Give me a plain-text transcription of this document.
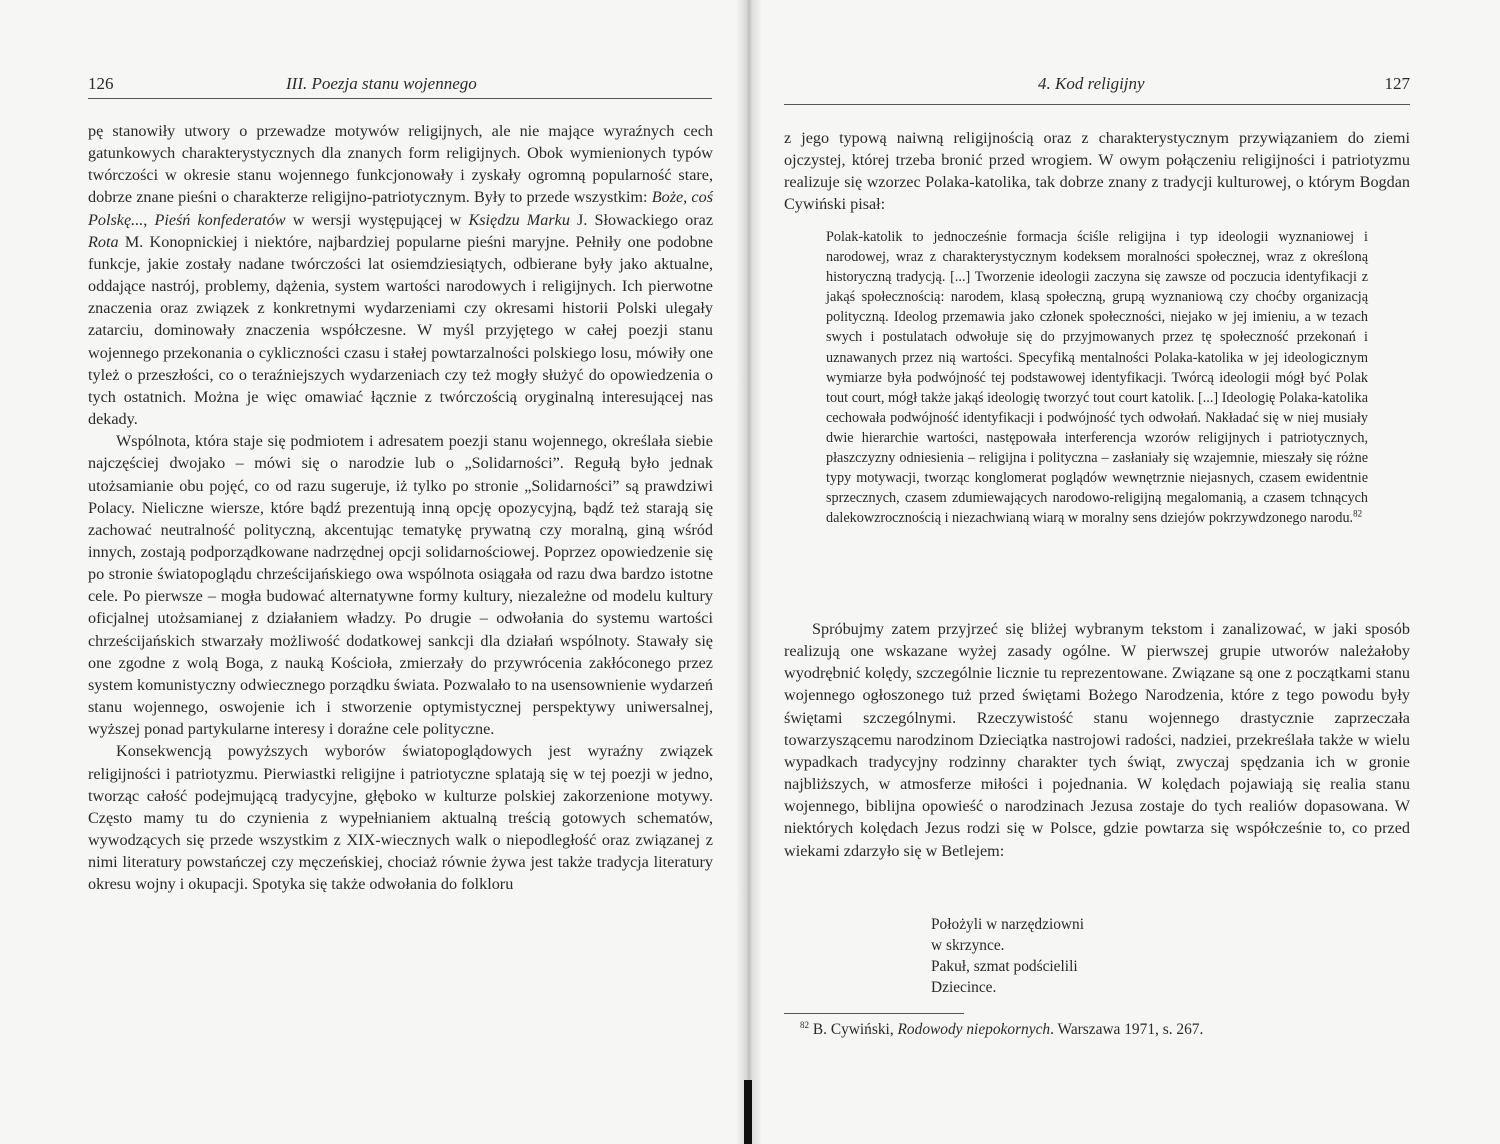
126	III. Poezja stanu wojennego

pę stanowiły utwory o przewadze motywów religijnych, ale nie mające wyraźnych cech gatunkowych charakterystycznych dla znanych form religijnych. Obok wymienionych typów twórczości w okresie stanu wojennego funkcjonowały i zyskały ogromną popularność stare, dobrze znane pieśni o charakterze religijno-patriotycznym. Były to przede wszystkim: Boże, coś Polskę..., Pieśń konfederatów w wersji występującej w Księdzu Marku J. Słowackiego oraz Rota M. Konopnickiej i niektóre, najbardziej popularne pieśni maryjne. Pełniły one podobne funkcje, jakie zostały nadane twórczości lat osiemdziesiątych, odbierane były jako aktualne, oddające nastrój, problemy, dążenia, system wartości narodowych i religijnych. Ich pierwotne znaczenia oraz związek z konkretnymi wydarzeniami czy okresami historii Polski ulegały zatarciu, dominowały znaczenia współczesne. W myśl przyjętego w całej poezji stanu wojennego przekonania o cykliczności czasu i stałej powtarzalności polskiego losu, mówiły one tyleż o przeszłości, co o teraźniejszych wydarzeniach czy też mogły służyć do opowiedzenia o tych ostatnich. Można je więc omawiać łącznie z twórczością oryginalną interesującej nas dekady.

Wspólnota, która staje się podmiotem i adresatem poezji stanu wojennego, określała siebie najczęściej dwojako – mówi się o narodzie lub o „Solidarności”. Regułą było jednak utożsamianie obu pojęć, co od razu sugeruje, iż tylko po stronie „Solidarności” są prawdziwi Polacy. Nieliczne wiersze, które bądź prezentują inną opcję opozycyjną, bądź też starają się zachować neutralność polityczną, akcentując tematykę prywatną czy moralną, giną wśród innych, zostają podporządkowane nadrzędnej opcji solidarnościowej. Poprzez opowiedzenie się po stronie światopoglądu chrześcijańskiego owa wspólnota osiągała od razu dwa bardzo istotne cele. Po pierwsze – mogła budować alternatywne formy kultury, niezależne od modelu kultury oficjalnej utożsamianej z działaniem władzy. Po drugie – odwołania do systemu wartości chrześcijańskich stwarzały możliwość dodatkowej sankcji dla działań wspólnoty. Stawały się one zgodne z wolą Boga, z nauką Kościoła, zmierzały do przywrócenia zakłóconego przez system komunistyczny odwiecznego porządku świata. Pozwalało to na usensownienie wydarzeń stanu wojennego, oswojenie ich i stworzenie optymistycznej perspektywy uniwersalnej, wyższej ponad partykularne interesy i doraźne cele polityczne.

Konsekwencją powyższych wyborów światopoglądowych jest wyraźny związek religijności i patriotyzmu. Pierwiastki religijne i patriotyczne splatają się w tej poezji w jedno, tworząc całość podejmującą tradycyjne, głęboko w kulturze polskiej zakorzenione motywy. Często mamy tu do czynienia z wypełnianiem aktualną treścią gotowych schematów, wywodzących się przede wszystkim z XIX-wiecznych walk o niepodległość oraz związanej z nimi literatury powstańczej czy męczeńskiej, chociaż równie żywa jest także tradycja literatury okresu wojny i okupacji. Spotyka się także odwołania do folkloru

4. Kod religijny	127

z jego typową naiwną religijnością oraz z charakterystycznym przywiązaniem do ziemi ojczystej, której trzeba bronić przed wrogiem. W owym połączeniu religijności i patriotyzmu realizuje się wzorzec Polaka-katolika, tak dobrze znany z tradycji kulturowej, o którym Bogdan Cywiński pisał:

Polak-katolik to jednocześnie formacja ściśle religijna i typ ideologii wyznaniowej i narodowej, wraz z charakterystycznym kodeksem moralności społecznej, wraz z określoną historyczną tradycją. [...] Tworzenie ideologii zaczyna się zawsze od poczucia identyfikacji z jakąś społecznością: narodem, klasą społeczną, grupą wyznaniową czy choćby organizacją polityczną. Ideolog przemawia jako członek społeczności, niejako w jej imieniu, a w tezach swych i postulatach odwołuje się do przyjmowanych przez tę społeczność przekonań i uznawanych przez nią wartości. Specyfiką mentalności Polaka-katolika w jej ideologicznym wymiarze była podwójność tej podstawowej identyfikacji. Twórcą ideologii mógł być Polak tout court, mógł także jakąś ideologię tworzyć tout court katolik. [...] Ideologię Polaka-katolika cechowała podwójność identyfikacji i podwójność tych odwołań. Nakładać się w niej musiały dwie hierarchie wartości, następowała interferencja wzorów religijnych i patriotycznych, płaszczyzny odniesienia – religijna i polityczna – zasłaniały się wzajemnie, mieszały się różne typy motywacji, tworząc konglomerat poglądów wewnętrznie niejasnych, czasem ewidentnie sprzecznych, czasem zdumiewających narodowo-religijną megalomanią, a czasem tchnących dalekowzrocznością i niezachwianą wiarą w moralny sens dziejów pokrzywdzonego narodu.$^{82}$

Spróbujmy zatem przyjrzeć się bliżej wybranym tekstom i zanalizować, w jaki sposób realizują one wskazane wyżej zasady ogólne. W pierwszej grupie utworów należałoby wyodrębnić kolędy, szczególnie licznie tu reprezentowane. Związane są one z początkami stanu wojennego ogłoszonego tuż przed świętami Bożego Narodzenia, które z tego powodu były świętami szczególnymi. Rzeczywistość stanu wojennego drastycznie zaprzeczała towarzyszącemu narodzinom Dzieciątka nastrojowi radości, nadziei, przekreślała także w wielu wypadkach tradycyjny rodzinny charakter tych świąt, zwyczaj spędzania ich w gronie najbliższych, w atmosferze miłości i pojednania. W kolędach pojawiają się realia stanu wojennego, biblijna opowieść o narodzinach Jezusa zostaje do tych realiów dopasowana. W niektórych kolędach Jezus rodzi się w Polsce, gdzie powtarza się współcześnie to, co przed wiekami zdarzyło się w Betlejem:

Położyli w narzędziowni
w skrzynce.
Pakuł, szmat podścielili
Dziecince.
$^{82}$ B. Cywiński, Rodowody niepokornych. Warszawa 1971, s. 267.
